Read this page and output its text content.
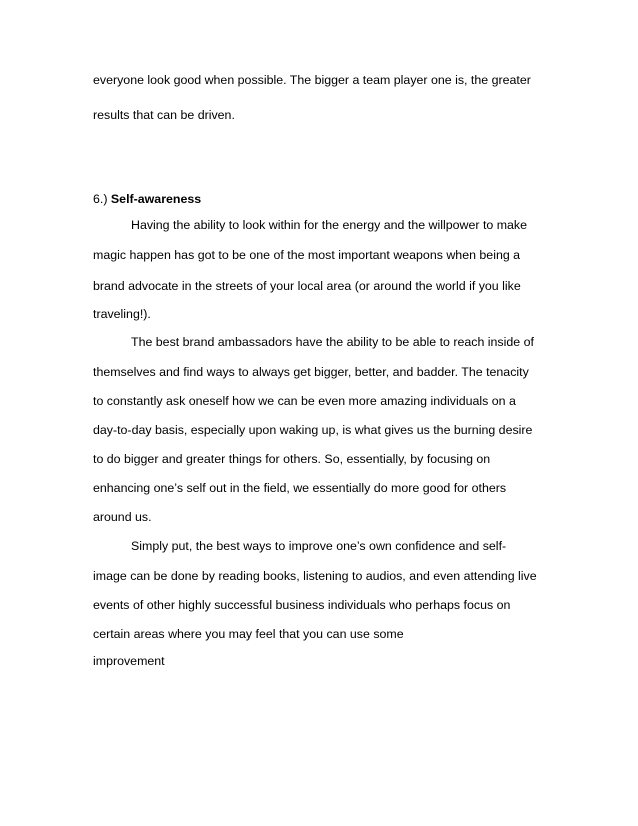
everyone look good when possible. The bigger a team player one is, the greater
results that can be driven.
6.) Self-awareness
Having the ability to look within for the energy and the willpower to make
magic happen has got to be one of the most important weapons when being a
brand advocate in the streets of your local area (or around the world if you like
traveling!).
The best brand ambassadors have the ability to be able to reach inside of
themselves and find ways to always get bigger, better, and badder. The tenacity
to constantly ask oneself how we can be even more amazing individuals on a
day-to-day basis, especially upon waking up, is what gives us the burning desire
to do bigger and greater things for others. So, essentially, by focusing on
enhancing one’s self out in the field, we essentially do more good for others
around us.
Simply put, the best ways to improve one’s own confidence and self-
image can be done by reading books, listening to audios, and even attending live
events of other highly successful business individuals who perhaps focus on
certain areas where you may feel that you can use some
improvement
